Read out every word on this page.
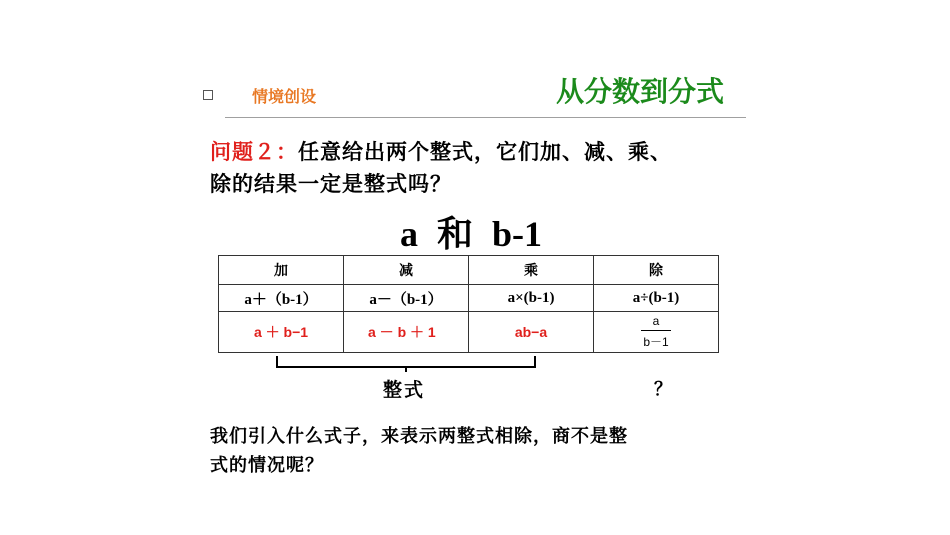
情境创设	从分数到分式
问题２：任意给出两个整式，它们加、减、乘、
除的结果一定是整式吗？
a 和 b-1
加	减	乘	除
a＋（b-1）	a－（b-1）	a×(b-1)	a÷(b-1)
a ＋ b−1	a － b ＋ 1	ab−a	$\frac{a}{b-1}$
整式	？
我们引入什么式子，来表示两整式相除，商不是整
式的情况呢？
